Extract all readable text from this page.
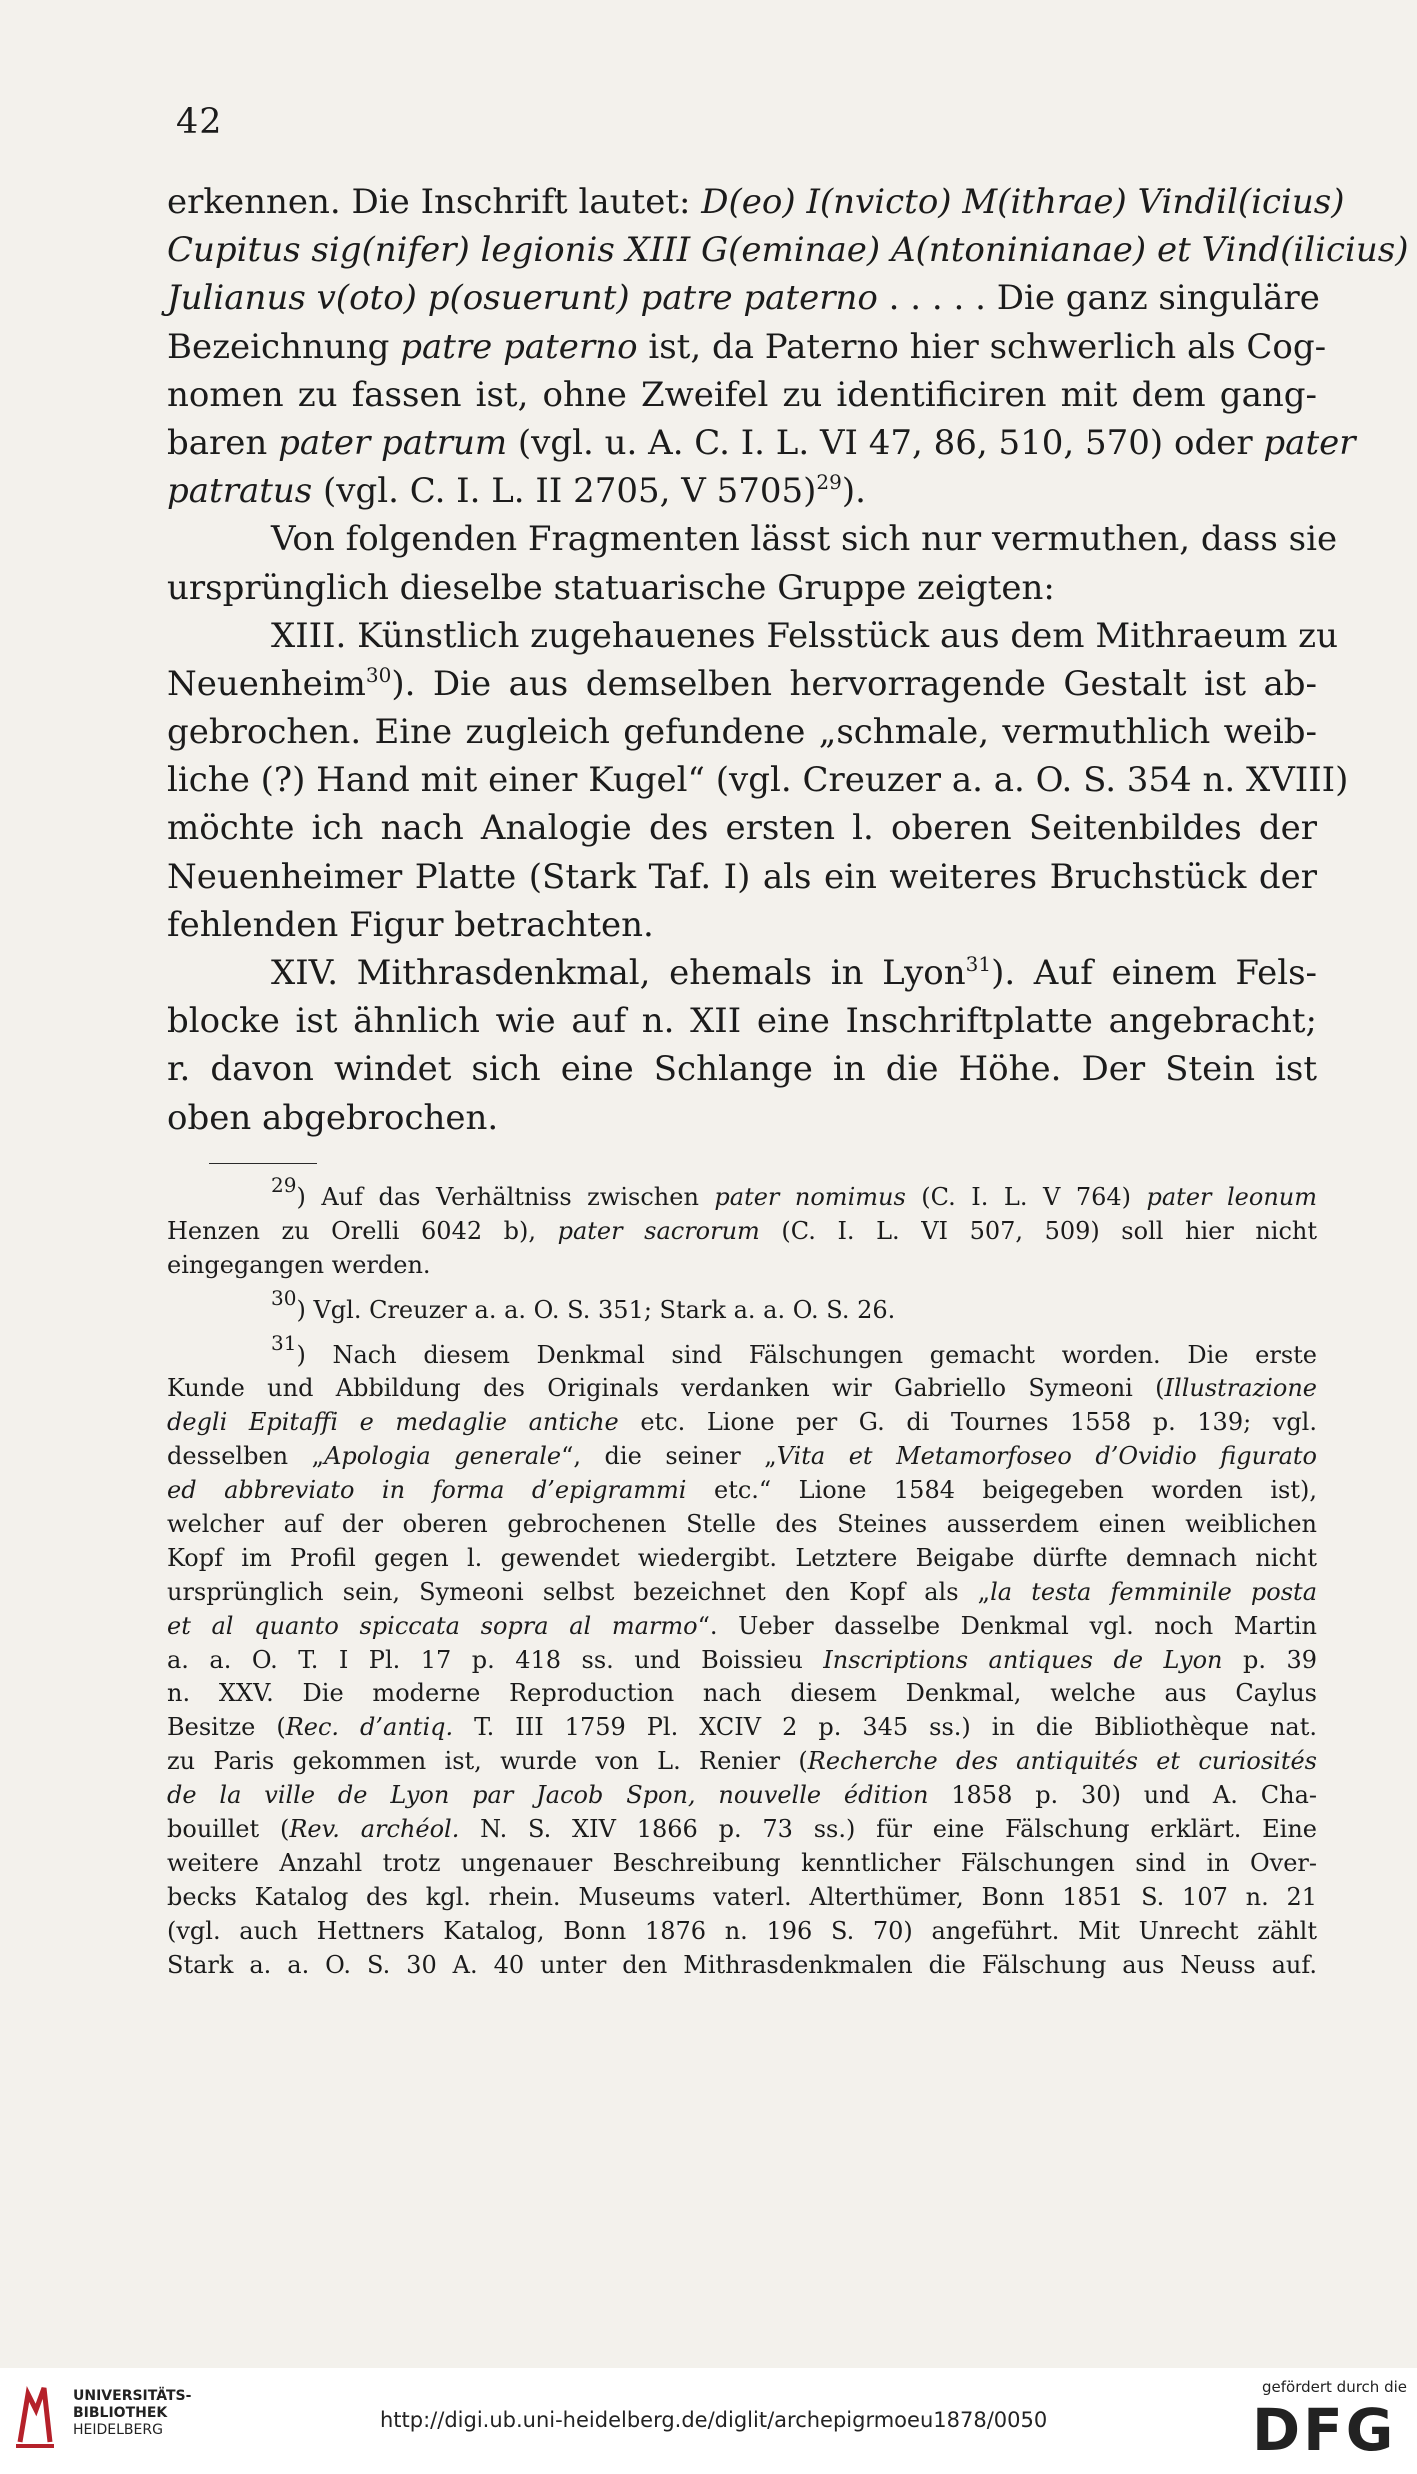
42
erkennen. Die Inschrift lautet: D(eo) I(nvicto) M(ithrae) Vindil(icius)
Cupitus sig(nifer) legionis XIII G(eminae) A(ntoninianae) et Vind(ilicius)
Julianus v(oto) p(osuerunt) patre paterno . . . . . Die ganz singuläre
Bezeichnung patre paterno ist, da Paterno hier schwerlich als Cog-
nomen zu fassen ist, ohne Zweifel zu identificiren mit dem gang-
baren pater patrum (vgl. u. A. C. I. L. VI 47, 86, 510, 570) oder pater
patratus (vgl. C. I. L. II 2705, V 5705)$^{29}$).
Von folgenden Fragmenten lässt sich nur vermuthen, dass sie
ursprünglich dieselbe statuarische Gruppe zeigten:
XIII. Künstlich zugehauenes Felsstück aus dem Mithraeum zu
Neuenheim$^{30}$). Die aus demselben hervorragende Gestalt ist ab-
gebrochen. Eine zugleich gefundene „schmale, vermuthlich weib-
liche (?) Hand mit einer Kugel“ (vgl. Creuzer a. a. O. S. 354 n. XVIII)
möchte ich nach Analogie des ersten l. oberen Seitenbildes der
Neuenheimer Platte (Stark Taf. I) als ein weiteres Bruchstück der
fehlenden Figur betrachten.
XIV. Mithrasdenkmal, ehemals in Lyon$^{31}$). Auf einem Fels-
blocke ist ähnlich wie auf n. XII eine Inschriftplatte angebracht;
r. davon windet sich eine Schlange in die Höhe. Der Stein ist
oben abgebrochen.
$^{29}$) Auf das Verhältniss zwischen pater nomimus (C. I. L. V 764) pater leonum
Henzen zu Orelli 6042 b), pater sacrorum (C. I. L. VI 507, 509) soll hier nicht
eingegangen werden.
$^{30}$) Vgl. Creuzer a. a. O. S. 351; Stark a. a. O. S. 26.
$^{31}$) Nach diesem Denkmal sind Fälschungen gemacht worden. Die erste
Kunde und Abbildung des Originals verdanken wir Gabriello Symeoni (Illustrazione
degli Epitaffi e medaglie antiche etc. Lione per G. di Tournes 1558 p. 139; vgl.
desselben „Apologia generale“, die seiner „Vita et Metamorfoseo d’Ovidio figurato
ed abbreviato in forma d’epigrammi etc.“ Lione 1584 beigegeben worden ist),
welcher auf der oberen gebrochenen Stelle des Steines ausserdem einen weiblichen
Kopf im Profil gegen l. gewendet wiedergibt. Letztere Beigabe dürfte demnach nicht
ursprünglich sein, Symeoni selbst bezeichnet den Kopf als „la testa femminile posta
et al quanto spiccata sopra al marmo“. Ueber dasselbe Denkmal vgl. noch Martin
a. a. O. T. I Pl. 17 p. 418 ss. und Boissieu Inscriptions antiques de Lyon p. 39
n. XXV. Die moderne Reproduction nach diesem Denkmal, welche aus Caylus
Besitze (Rec. d’antiq. T. III 1759 Pl. XCIV 2 p. 345 ss.) in die Bibliothèque nat.
zu Paris gekommen ist, wurde von L. Renier (Recherche des antiquités et curiosités
de la ville de Lyon par Jacob Spon, nouvelle édition 1858 p. 30) und A. Cha-
bouillet (Rev. archéol. N. S. XIV 1866 p. 73 ss.) für eine Fälschung erklärt. Eine
weitere Anzahl trotz ungenauer Beschreibung kenntlicher Fälschungen sind in Over-
becks Katalog des kgl. rhein. Museums vaterl. Alterthümer, Bonn 1851 S. 107 n. 21
(vgl. auch Hettners Katalog, Bonn 1876 n. 196 S. 70) angeführt. Mit Unrecht zählt
Stark a. a. O. S. 30 A. 40 unter den Mithrasdenkmalen die Fälschung aus Neuss auf.
UNIVERSITÄTS-
BIBLIOTHEK
HEIDELBERG	http://digi.ub.uni-heidelberg.de/diglit/archepigrmoeu1878/0050
gefördert durch die
DFG
